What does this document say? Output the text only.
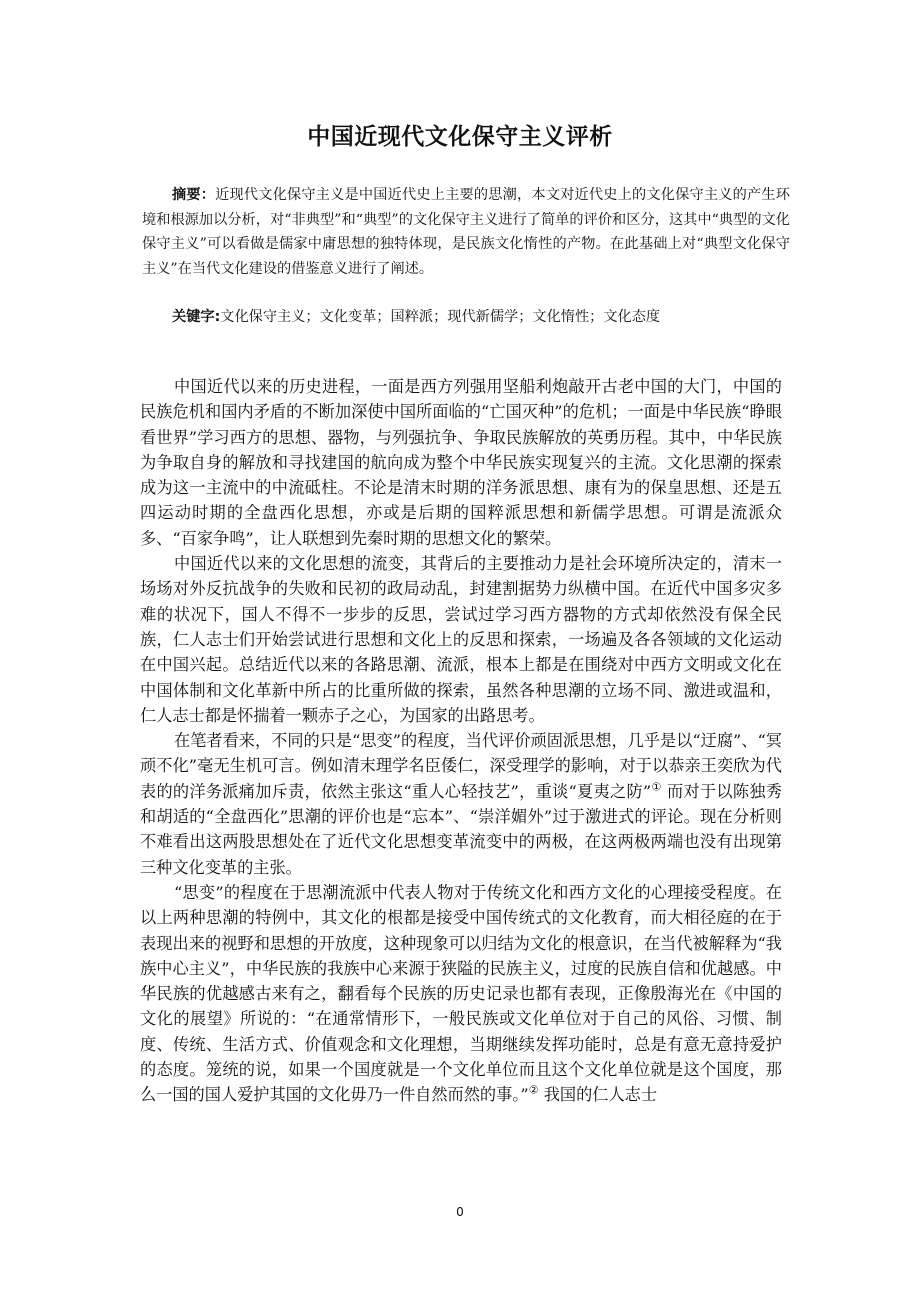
中国近现代文化保守主义评析
摘要：近现代文化保守主义是中国近代史上主要的思潮，本文对近代史上的文化保守主义的产生环境和根源加以分析，对“非典型”和“典型”的文化保守主义进行了简单的评价和区分，这其中“典型的文化保守主义”可以看做是儒家中庸思想的独特体现，是民族文化惰性的产物。在此基础上对“典型文化保守主义”在当代文化建设的借鉴意义进行了阐述。
关键字:文化保守主义；文化变革；国粹派；现代新儒学；文化惰性；文化态度

中国近代以来的历史进程，一面是西方列强用坚船利炮敲开古老中国的大门，中国的民族危机和国内矛盾的不断加深使中国所面临的“亡国灭种”的危机；一面是中华民族“睁眼看世界”学习西方的思想、器物，与列强抗争、争取民族解放的英勇历程。其中，中华民族为争取自身的解放和寻找建国的航向成为整个中华民族实现复兴的主流。文化思潮的探索成为这一主流中的中流砥柱。不论是清末时期的洋务派思想、康有为的保皇思想、还是五四运动时期的全盘西化思想，亦或是后期的国粹派思想和新儒学思想。可谓是流派众多、“百家争鸣”，让人联想到先秦时期的思想文化的繁荣。

中国近代以来的文化思想的流变，其背后的主要推动力是社会环境所决定的，清末一场场对外反抗战争的失败和民初的政局动乱，封建割据势力纵横中国。在近代中国多灾多难的状况下，国人不得不一步步的反思，尝试过学习西方器物的方式却依然没有保全民族，仁人志士们开始尝试进行思想和文化上的反思和探索，一场遍及各各领域的文化运动在中国兴起。总结近代以来的各路思潮、流派，根本上都是在围绕对中西方文明或文化在中国体制和文化革新中所占的比重所做的探索，虽然各种思潮的立场不同、激进或温和，仁人志士都是怀揣着一颗赤子之心，为国家的出路思考。

在笔者看来，不同的只是“思变”的程度，当代评价顽固派思想，几乎是以“迂腐”、“冥顽不化”毫无生机可言。例如清末理学名臣倭仁，深受理学的影响，对于以恭亲王奕欣为代表的的洋务派痛加斥责，依然主张这“重人心轻技艺”，重谈“夏夷之防”① 而对于以陈独秀和胡适的“全盘西化”思潮的评价也是“忘本”、“崇洋媚外”过于激进式的评论。现在分析则不难看出这两股思想处在了近代文化思想变革流变中的两极，在这两极两端也没有出现第三种文化变革的主张。

“思变”的程度在于思潮流派中代表人物对于传统文化和西方文化的心理接受程度。在以上两种思潮的特例中，其文化的根都是接受中国传统式的文化教育，而大相径庭的在于表现出来的视野和思想的开放度，这种现象可以归结为文化的根意识，在当代被解释为“我族中心主义”，中华民族的我族中心来源于狭隘的民族主义，过度的民族自信和优越感。中华民族的优越感古来有之，翻看每个民族的历史记录也都有表现，正像殷海光在《中国的文化的展望》所说的：“在通常情形下，一般民族或文化单位对于自己的风俗、习惯、制度、传统、生活方式、价值观念和文化理想，当期继续发挥功能时，总是有意无意持爱护的态度。笼统的说，如果一个国度就是一个文化单位而且这个文化单位就是这个国度，那么一国的国人爱护其国的文化毋乃一件自然而然的事。”② 我国的仁人志士

0
